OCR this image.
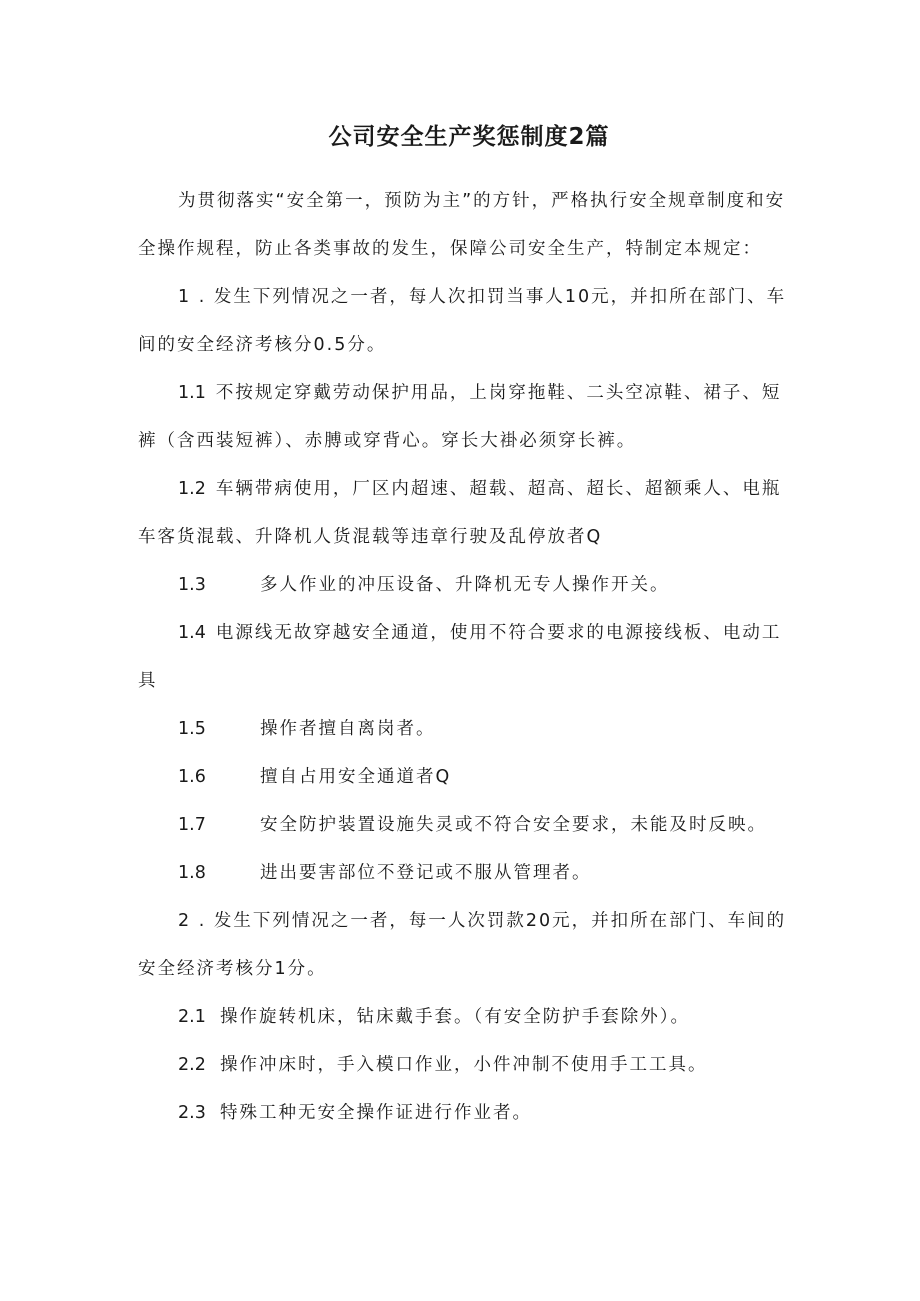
公司安全生产奖惩制度2篇

为贯彻落实“安全第一，预防为主”的方针，严格执行安全规章制度和安全操作规程，防止各类事故的发生，保障公司安全生产，特制定本规定：

1 . 发生下列情况之一者，每人次扣罚当事人10元，并扣所在部门、车间的安全经济考核分0.5分。

1.1 不按规定穿戴劳动保护用品，上岗穿拖鞋、二头空凉鞋、裙子、短裤（含西装短裤）、赤膊或穿背心。穿长大褂必须穿长裤。

1.2 车辆带病使用，厂区内超速、超载、超高、超长、超额乘人、电瓶车客货混载、升降机人货混载等违章行驶及乱停放者Q

1.3	多人作业的冲压设备、升降机无专人操作开关。

1.4 电源线无故穿越安全通道，使用不符合要求的电源接线板、电动工具

1.5	操作者擅自离岗者。

1.6	擅自占用安全通道者Q

1.7	安全防护装置设施失灵或不符合安全要求，未能及时反映。

1.8	进出要害部位不登记或不服从管理者。

2 . 发生下列情况之一者，每一人次罚款20元，并扣所在部门、车间的安全经济考核分1分。

2.1 操作旋转机床，钻床戴手套。（有安全防护手套除外）。

2.2 操作冲床时，手入模口作业，小件冲制不使用手工工具。

2.3 特殊工种无安全操作证进行作业者。
